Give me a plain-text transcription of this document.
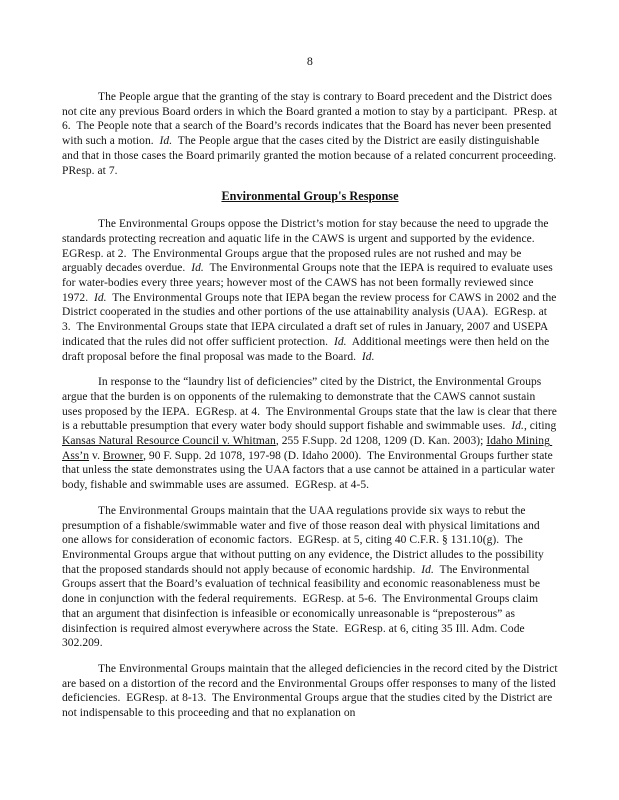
8

The People argue that the granting of the stay is contrary to Board precedent and the District does not cite any previous Board orders in which the Board granted a motion to stay by a participant.  PResp. at 6.  The People note that a search of the Board’s records indicates that the Board has never been presented with such a motion.  Id.  The People argue that the cases cited by the District are easily distinguishable and that in those cases the Board primarily granted the motion because of a related concurrent proceeding.  PResp. at 7.

Environmental Group's Response

The Environmental Groups oppose the District’s motion for stay because the need to upgrade the standards protecting recreation and aquatic life in the CAWS is urgent and supported by the evidence.  EGResp. at 2.  The Environmental Groups argue that the proposed rules are not rushed and may be arguably decades overdue.  Id.  The Environmental Groups note that the IEPA is required to evaluate uses for water-bodies every three years; however most of the CAWS has not been formally reviewed since 1972.  Id.  The Environmental Groups note that IEPA began the review process for CAWS in 2002 and the District cooperated in the studies and other portions of the use attainability analysis (UAA).  EGResp. at 3.  The Environmental Groups state that IEPA circulated a draft set of rules in January, 2007 and USEPA indicated that the rules did not offer sufficient protection.  Id.  Additional meetings were then held on the draft proposal before the final proposal was made to the Board.  Id.

In response to the “laundry list of deficiencies” cited by the District, the Environmental Groups argue that the burden is on opponents of the rulemaking to demonstrate that the CAWS cannot sustain uses proposed by the IEPA.  EGResp. at 4.  The Environmental Groups state that the law is clear that there is a rebuttable presumption that every water body should support fishable and swimmable uses.  Id., citing Kansas Natural Resource Council v. Whitman, 255 F.Supp. 2d 1208, 1209 (D. Kan. 2003); Idaho Mining Ass’n v. Browner, 90 F. Supp. 2d 1078, 197-98 (D. Idaho 2000).  The Environmental Groups further state that unless the state demonstrates using the UAA factors that a use cannot be attained in a particular water body, fishable and swimmable uses are assumed.  EGResp. at 4-5.

The Environmental Groups maintain that the UAA regulations provide six ways to rebut the presumption of a fishable/swimmable water and five of those reason deal with physical limitations and one allows for consideration of economic factors.  EGResp. at 5, citing 40 C.F.R. § 131.10(g).  The Environmental Groups argue that without putting on any evidence, the District alludes to the possibility that the proposed standards should not apply because of economic hardship.  Id.  The Environmental Groups assert that the Board’s evaluation of technical feasibility and economic reasonableness must be done in conjunction with the federal requirements.  EGResp. at 5-6.  The Environmental Groups claim that an argument that disinfection is infeasible or economically unreasonable is “preposterous” as disinfection is required almost everywhere across the State.  EGResp. at 6, citing 35 Ill. Adm. Code 302.209.

The Environmental Groups maintain that the alleged deficiencies in the record cited by the District are based on a distortion of the record and the Environmental Groups offer responses to many of the listed deficiencies.  EGResp. at 8-13.  The Environmental Groups argue that the studies cited by the District are not indispensable to this proceeding and that no explanation on
